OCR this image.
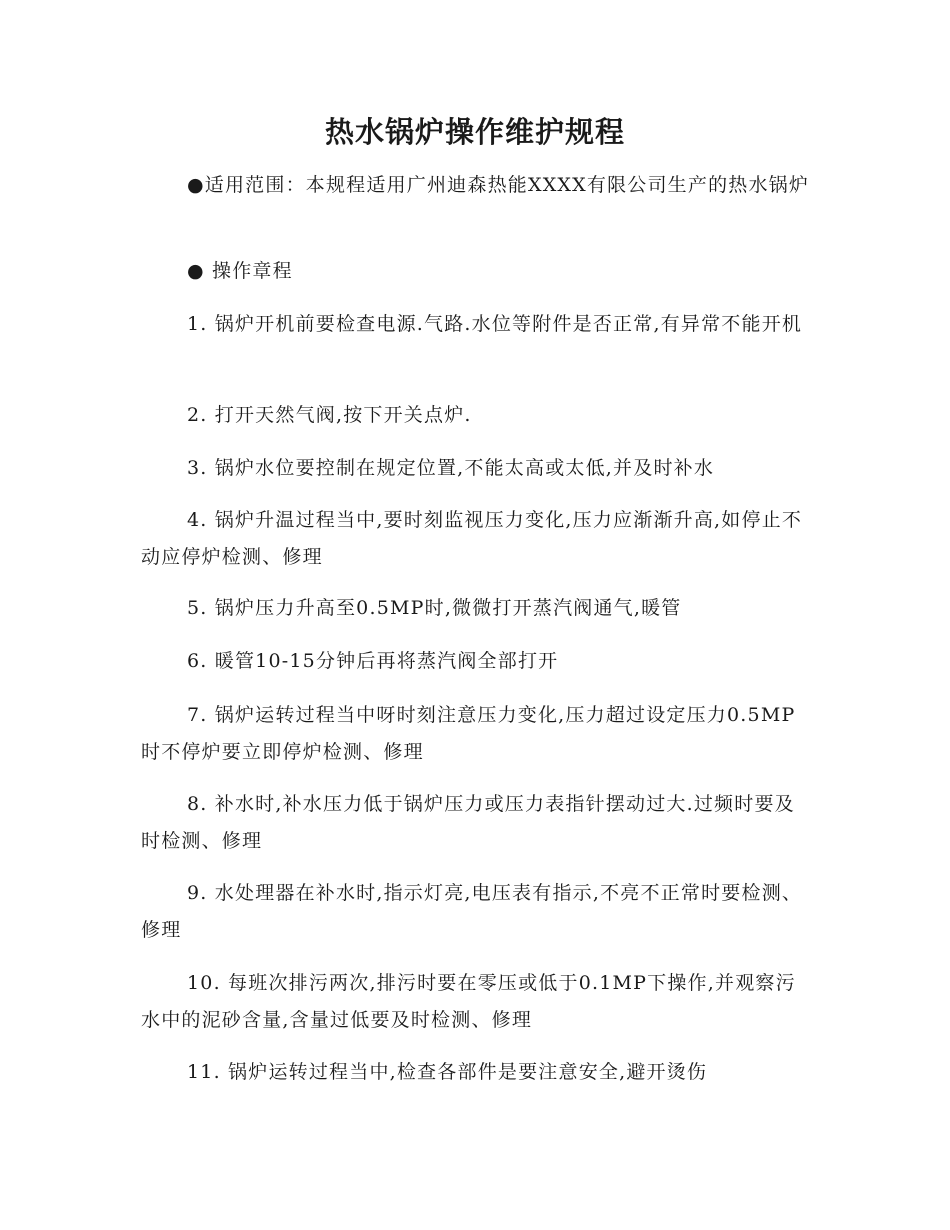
热水锅炉操作维护规程

●适用范围：本规程适用广州迪森热能XXXX有限公司生产的热水锅炉

● 操作章程

1. 锅炉开机前要检查电源.气路.水位等附件是否正常,有异常不能开机

2. 打开天然气阀,按下开关点炉.

3. 锅炉水位要控制在规定位置,不能太高或太低,并及时补水

4. 锅炉升温过程当中,要时刻监视压力变化,压力应渐渐升高,如停止不动应停炉检测、修理

5. 锅炉压力升高至0.5MP时,微微打开蒸汽阀通气,暖管

6. 暖管10-15分钟后再将蒸汽阀全部打开

7. 锅炉运转过程当中呀时刻注意压力变化,压力超过设定压力0.5MP时不停炉要立即停炉检测、修理

8. 补水时,补水压力低于锅炉压力或压力表指针摆动过大.过频时要及时检测、修理

9. 水处理器在补水时,指示灯亮,电压表有指示,不亮不正常时要检测、修理

10. 每班次排污两次,排污时要在零压或低于0.1MP下操作,并观察污水中的泥砂含量,含量过低要及时检测、修理

11. 锅炉运转过程当中,检查各部件是要注意安全,避开烫伤
